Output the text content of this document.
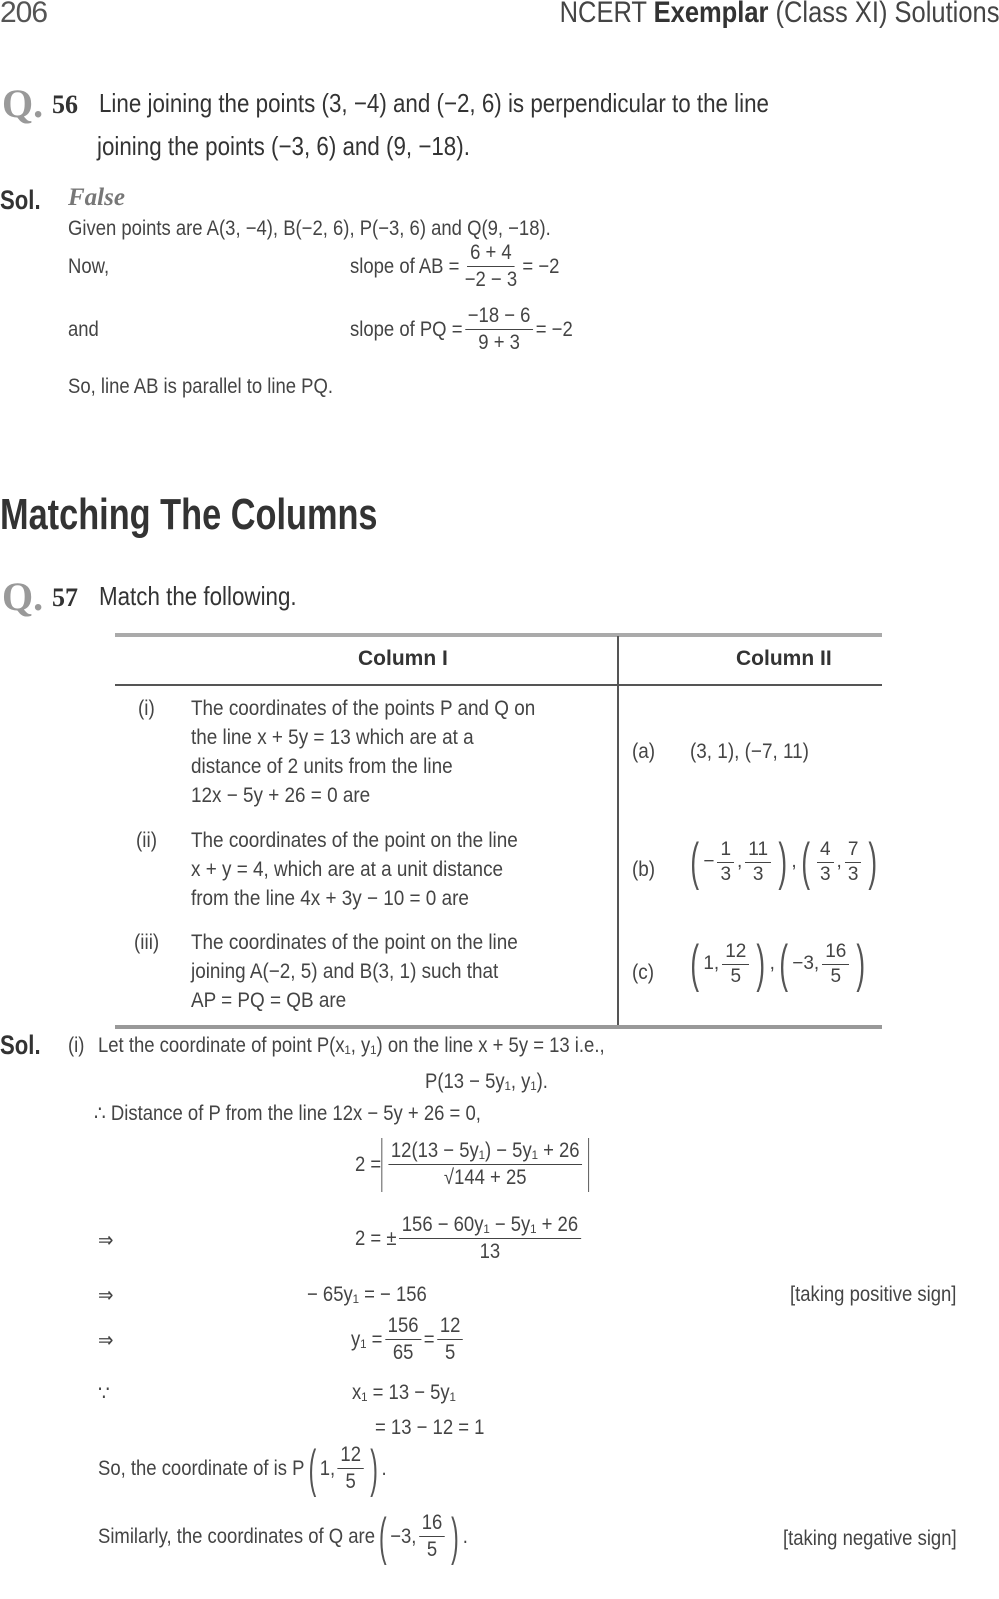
206	NCERT Exemplar (Class XI) Solutions
Q. 56 Line joining the points (3, −4) and (−2, 6) is perpendicular to the line
joining the points (−3, 6) and (9, −18).
Sol. False
Given points are A(3, −4), B(−2, 6), P(−3, 6) and Q(9, −18).
Now,	slope of AB = $\frac{6 + 4}{-2 - 3} = -2$
and	slope of PQ = $\frac{-18 - 6}{9 + 3} = -2$
So, line AB is parallel to line PQ.
Matching The Columns
Q. 57 Match the following.
Column I	Column II
(i) The coordinates of the points P and Q on
the line x + 5y = 13 which are at a
distance of 2 units from the line
12x − 5y + 26 = 0 are
(a) (3, 1), (−7, 11)
(ii) The coordinates of the point on the line
x + y = 4, which are at a unit distance
from the line 4x + 3y − 10 = 0 are
(b) ( − $\frac{1}{3}$ , $\frac{11}{3}$ ) , ( $\frac{4}{3}$ , $\frac{7}{3}$ )
(iii) The coordinates of the point on the line
joining A(−2, 5) and B(3, 1) such that
AP = PQ = QB are
(c) ( 1, $\frac{12}{5}$ ) , ( −3, $\frac{16}{5}$ )
Sol. (i) Let the coordinate of point P(x₁, y₁) on the line x + 5y = 13 i.e.,
P(13 − 5y₁, y₁).
∴ Distance of P from the line 12x − 5y + 26 = 0,
$2 = \frac{\text{12(13 − 5y₁) − 5y₁ + 26}}{√144 + 25}$
⇒	2 = ± $\frac{\text{156 − 60y₁ − 5y₁ + 26}}{13}$
⇒	− 65y₁ = − 156	[taking positive sign]
⇒	$y_1 = \frac{156}{65} = \frac{12}{5}$
∵	x₁ = 13 − 5y₁
= 13 − 12 = 1
So, the coordinate of is P ( 1, $\frac{12}{5}$ ) .
Similarly, the coordinates of Q are ( −3, $\frac{16}{5}$ ) .	[taking negative sign]
